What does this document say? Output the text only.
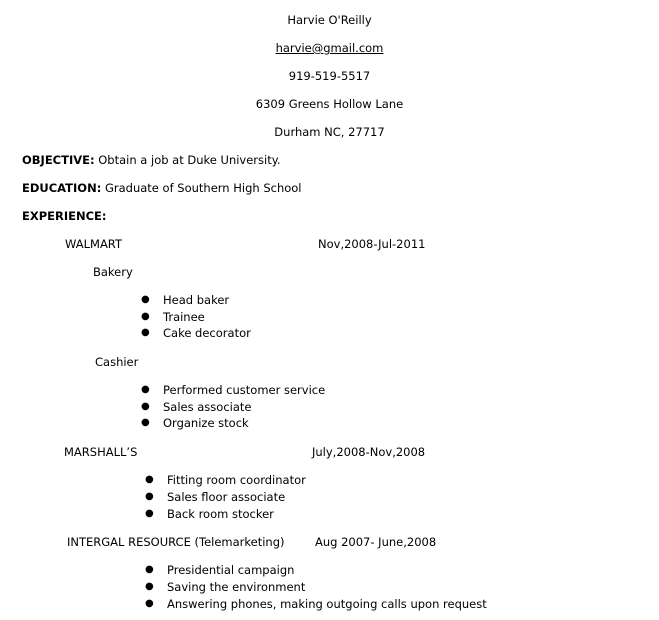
Harvie O'Reilly
harvie@gmail.com
919-519-5517
6309 Greens Hollow Lane
Durham NC, 27717
OBJECTIVE: Obtain a job at Duke University.
EDUCATION: Graduate of Southern High School
EXPERIENCE:
WALMART	Nov,2008-Jul-2011
Bakery
● Head baker
● Trainee
● Cake decorator
Cashier
● Performed customer service
● Sales associate
● Organize stock
MARSHALL’S	July,2008-Nov,2008
● Fitting room coordinator
● Sales floor associate
● Back room stocker
INTERGAL RESOURCE (Telemarketing)	Aug 2007- June,2008
● Presidential campaign
● Saving the environment
● Answering phones, making outgoing calls upon request
